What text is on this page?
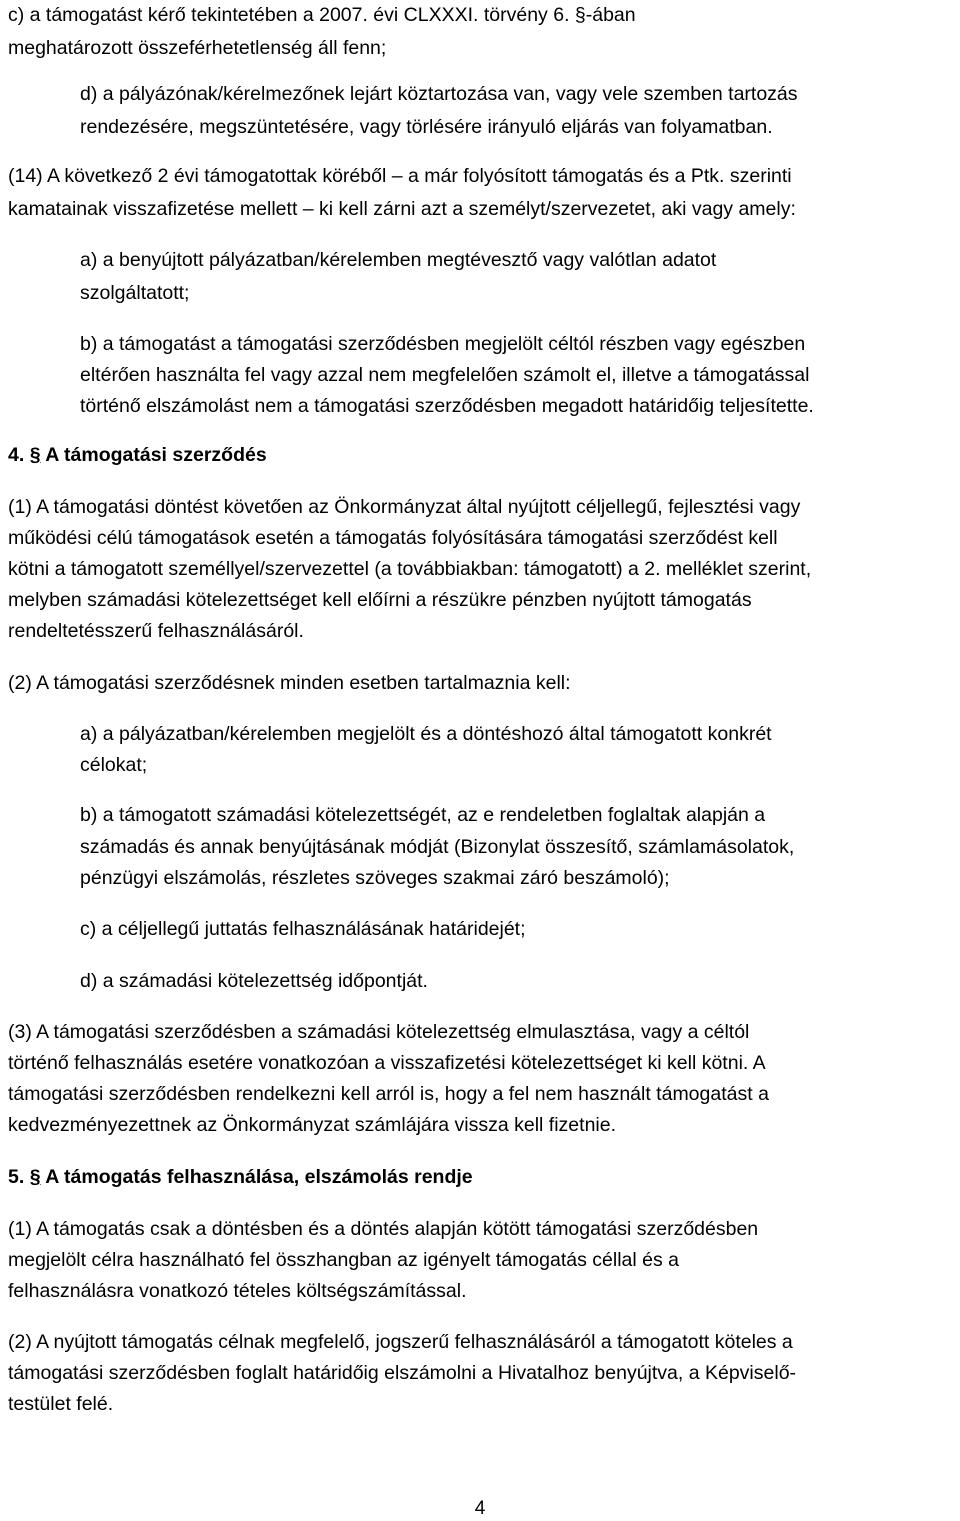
c) a támogatást kérő tekintetében a 2007. évi CLXXXI. törvény 6. §-ában
meghatározott összeférhetetlenség áll fenn;
d) a pályázónak/kérelmezőnek lejárt köztartozása van, vagy vele szemben tartozás
rendezésére, megszüntetésére, vagy törlésére irányuló eljárás van folyamatban.
(14) A következő 2 évi támogatottak köréből – a már folyósított támogatás és a Ptk. szerinti
kamatainak visszafizetése mellett – ki kell zárni azt a személyt/szervezetet, aki vagy amely:
a) a benyújtott pályázatban/kérelemben megtévesztő vagy valótlan adatot
szolgáltatott;
b) a támogatást a támogatási szerződésben megjelölt céltól részben vagy egészben
eltérően használta fel vagy azzal nem megfelelően számolt el, illetve a támogatással
történő elszámolást nem a támogatási szerződésben megadott határidőig teljesítette.
4. § A támogatási szerződés
(1) A támogatási döntést követően az Önkormányzat által nyújtott céljellegű, fejlesztési vagy
működési célú támogatások esetén a támogatás folyósítására támogatási szerződést kell
kötni a támogatott személlyel/szervezettel (a továbbiakban: támogatott) a 2. melléklet szerint,
melyben számadási kötelezettséget kell előírni a részükre pénzben nyújtott támogatás
rendeltetésszerű felhasználásáról.
(2) A támogatási szerződésnek minden esetben tartalmaznia kell:
a) a pályázatban/kérelemben megjelölt és a döntéshozó által támogatott konkrét
célokat;
b) a támogatott számadási kötelezettségét, az e rendeletben foglaltak alapján a
számadás és annak benyújtásának módját (Bizonylat összesítő, számlamásolatok,
pénzügyi elszámolás, részletes szöveges szakmai záró beszámoló);
c) a céljellegű juttatás felhasználásának határidejét;
d) a számadási kötelezettség időpontját.
(3) A támogatási szerződésben a számadási kötelezettség elmulasztása, vagy a céltól
történő felhasználás esetére vonatkozóan a visszafizetési kötelezettséget ki kell kötni. A
támogatási szerződésben rendelkezni kell arról is, hogy a fel nem használt támogatást a
kedvezményezettnek az Önkormányzat számlájára vissza kell fizetnie.
5. § A támogatás felhasználása, elszámolás rendje
(1) A támogatás csak a döntésben és a döntés alapján kötött támogatási szerződésben
megjelölt célra használható fel összhangban az igényelt támogatás céllal és a
felhasználásra vonatkozó tételes költségszámítással.
(2) A nyújtott támogatás célnak megfelelő, jogszerű felhasználásáról a támogatott köteles a
támogatási szerződésben foglalt határidőig elszámolni a Hivatalhoz benyújtva, a Képviselő-
testület felé.
4
